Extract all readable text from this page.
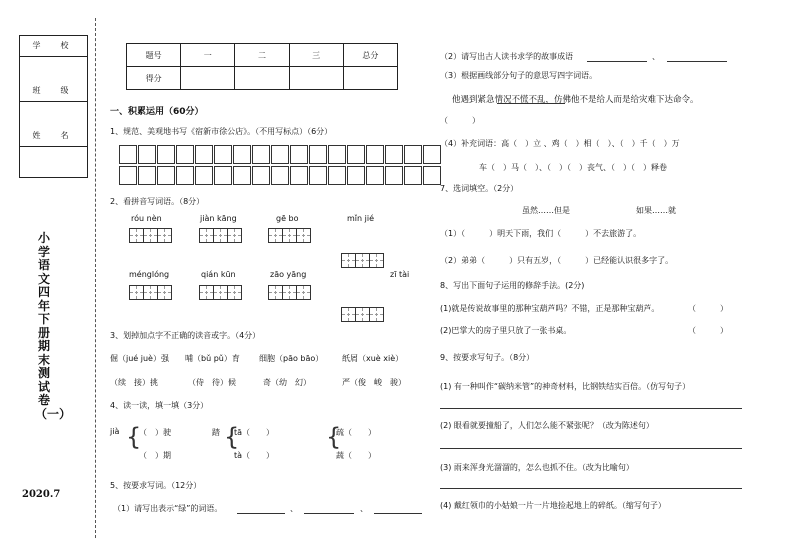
学　校
班　级
姓　名
小学语文四年下册期末测试卷（一）
2020.7
题号	一	二	三	总分
得分				
一、积累运用（60分）
1、规范、美观地书写《宿新市徐公店》。（不用写标点）（6分）
2、看拼音写词语。（8分）
róu nèn	jiàn kāng	gē bo	mǐn jié
ménglóng	qián kūn	zāo yāng	zī tài
3、划掉加点字不正确的读音或字。（4分）
倔（jué juè）强 哺（bǔ pǔ）育 细胞（pāo bāo） 纸屑（xuè xiè）
（续　接）挑	（侍　待）候	奇（幼　幻）	严（俊　峻　骏）
4、读一读，填一填（3分）
jià {
（　）驶
（　）期
踏 {
tā（　　）
tà（　　）
{
疏（　　）
蔬（　　）
5、按要求写词。（12分）
（1）请写出表示“绿”的词语。	、	、
（2）请写出古人读书求学的故事成语	、
（3）根据画线部分句子的意思写四字词语。
他遇到紧急情况不慌不乱，仿佛他不是给人而是给灾难下达命令。
（　　　）
（4）补充词语：高（　）立 、鸡（　）相（　）、（　）千（　）万
车（　）马（　）、（　）（　）丧气、（　）（　）释卷
7、选词填空。（2分）
虽然……但是	如果……就
（1）（　　　）明天下雨，我们（　　　）不去旅游了。
（2）弟弟（　　　）只有五岁，（　　　）已经能认识很多字了。
8、写出下面句子运用的修辞手法。(2分)
(1)就是传说故事里的那种宝葫芦吗？不错，正是那种宝葫芦。	（　　　）
(2)巴掌大的房子里只放了一张书桌。	（　　　）
9、按要求写句子。（8分）
(1) 有一种叫作“碳纳米管”的神奇材料，比钢铁结实百倍。（仿写句子）
(2) 眼看就要撞船了，人们怎么能不紧张呢？（改为陈述句）
(3) 雨来浑身光溜溜的，怎么也抓不住。（改为比喻句）
(4) 戴红领巾的小姑娘一片一片地捡起地上的碎纸。（缩写句子）
